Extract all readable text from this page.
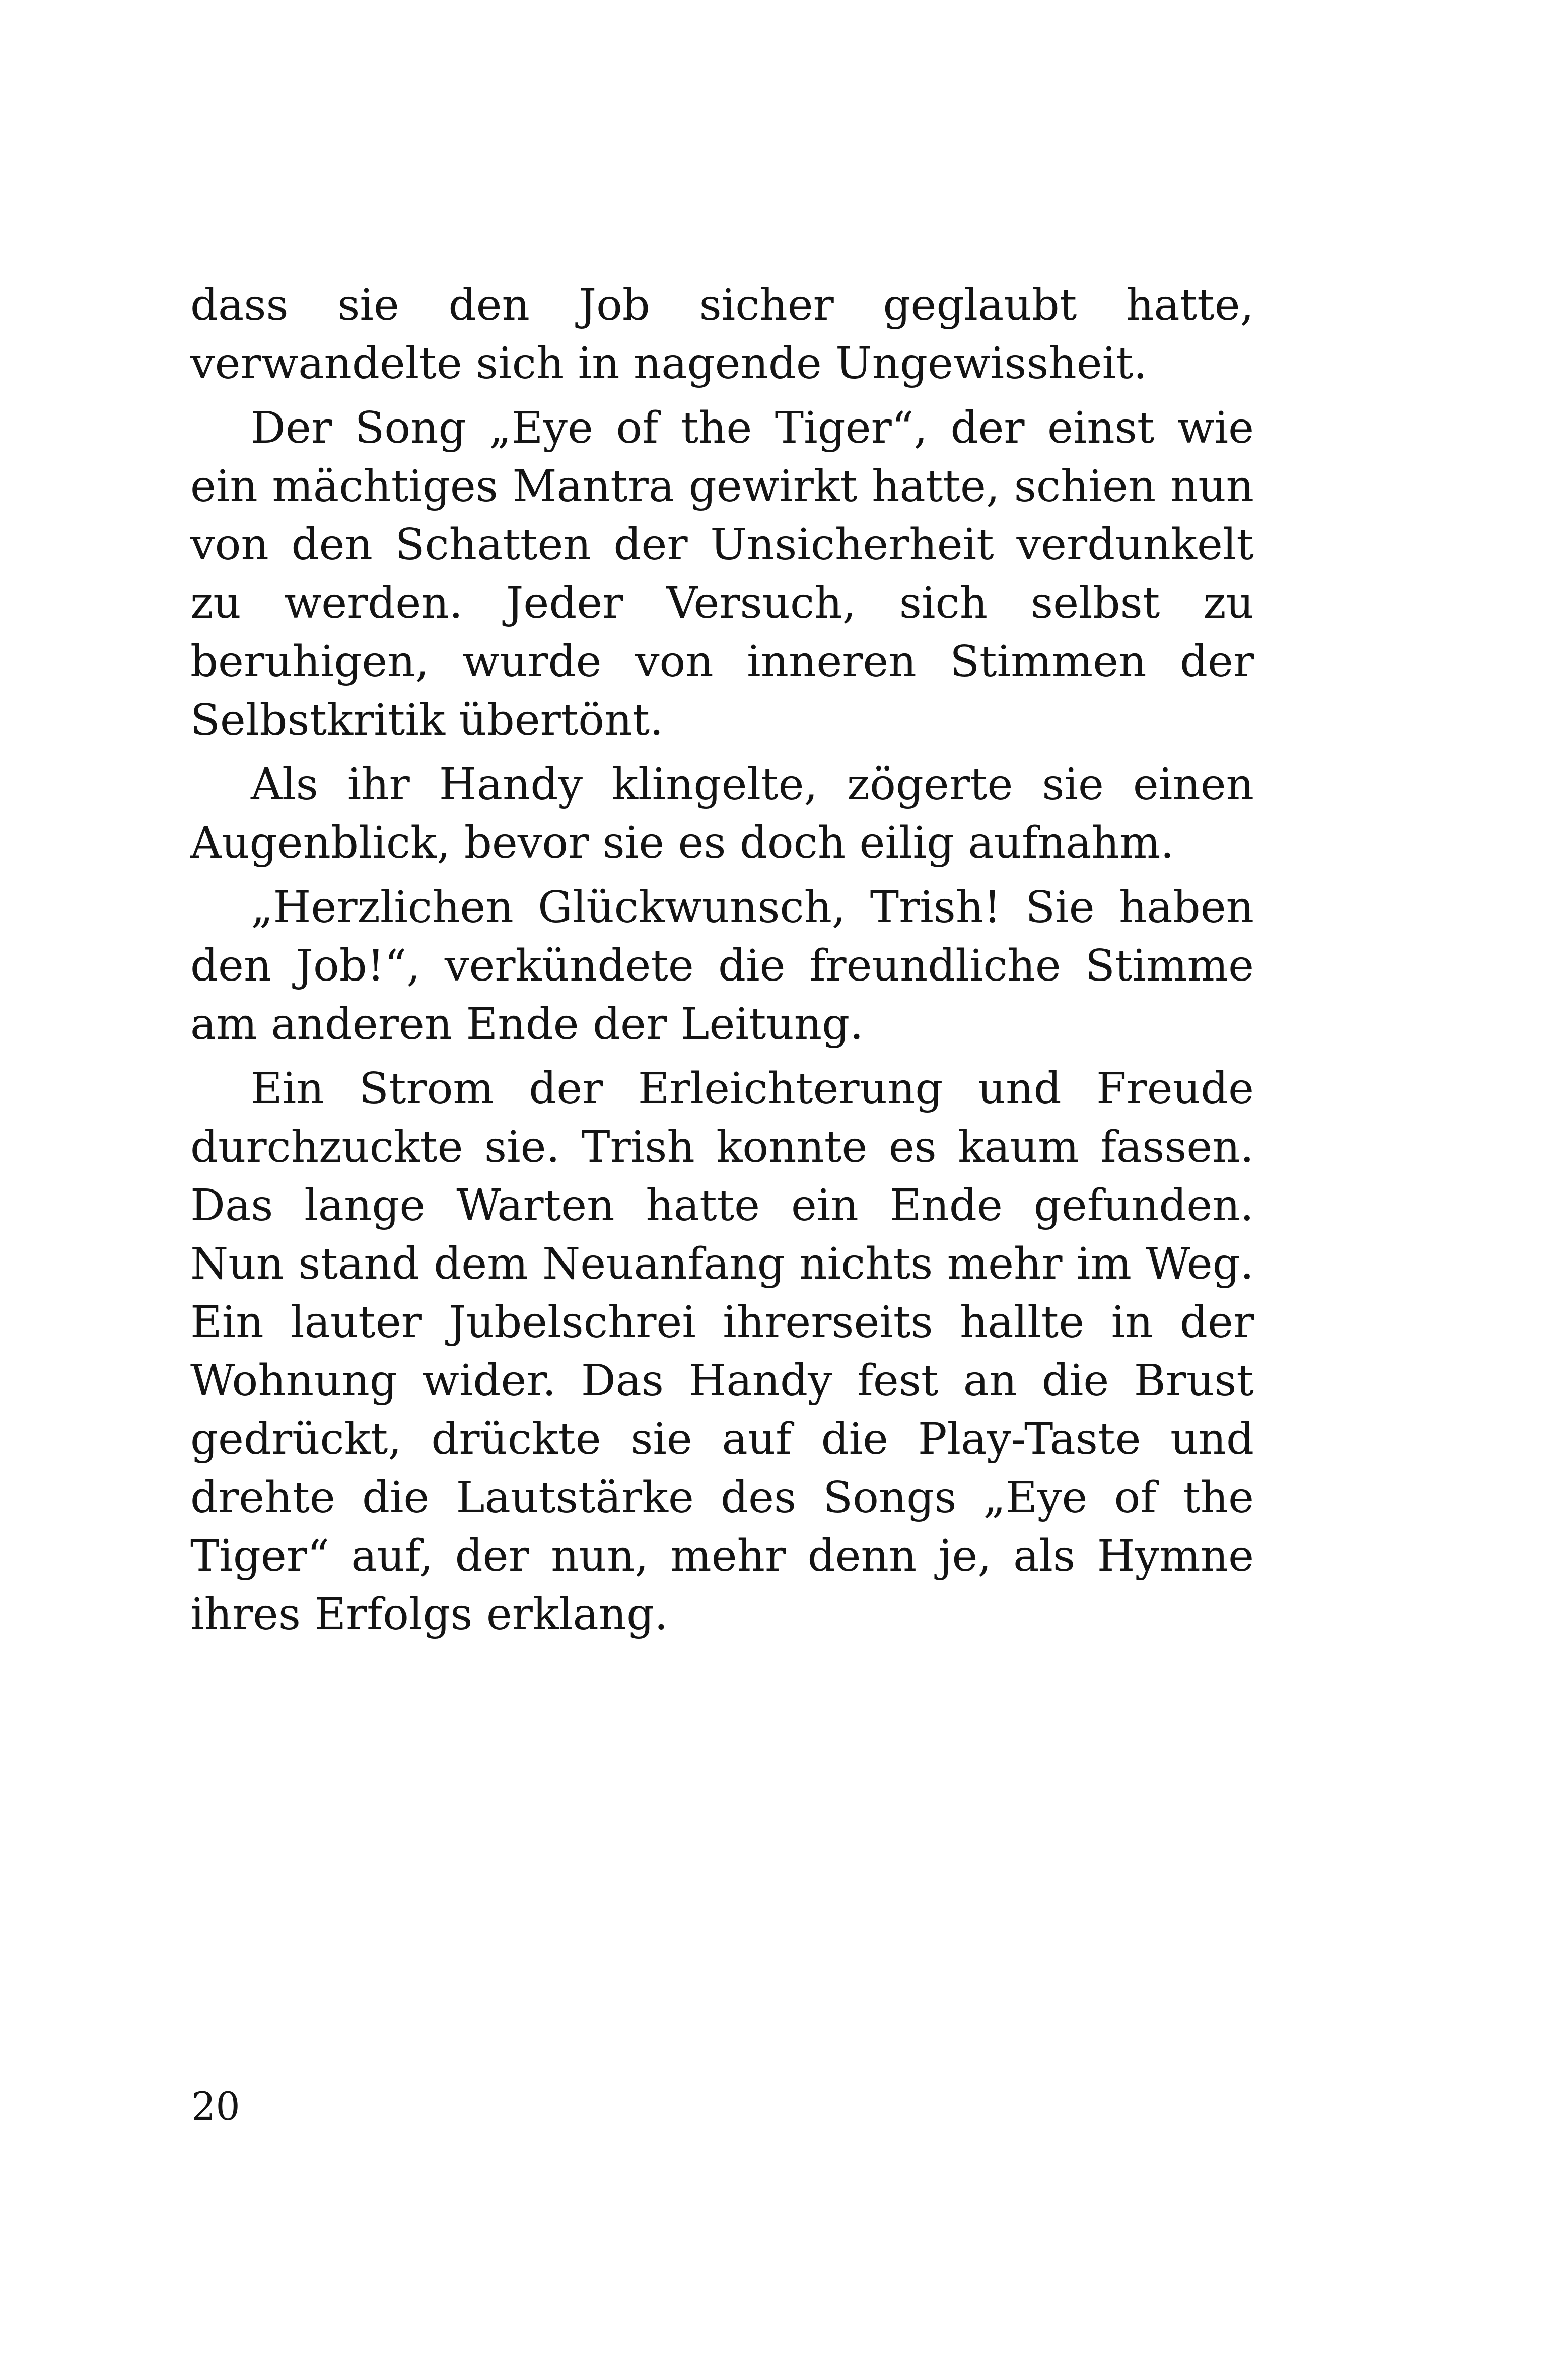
dass sie den Job sicher geglaubt hatte, verwandelte sich in nagende Ungewissheit.

Der Song „Eye of the Tiger“, der einst wie ein mächtiges Mantra gewirkt hatte, schien nun von den Schatten der Unsicherheit verdunkelt zu werden. Jeder Versuch, sich selbst zu beruhigen, wurde von inneren Stimmen der Selbstkritik übertönt.

Als ihr Handy klingelte, zögerte sie einen Augenblick, bevor sie es doch eilig aufnahm.

„Herzlichen Glückwunsch, Trish! Sie haben den Job!“, verkündete die freundliche Stimme am anderen Ende der Leitung.

Ein Strom der Erleichterung und Freude durchzuckte sie. Trish konnte es kaum fassen. Das lange Warten hatte ein Ende gefunden. Nun stand dem Neuanfang nichts mehr im Weg. Ein lauter Jubelschrei ihrerseits hallte in der Wohnung wider. Das Handy fest an die Brust gedrückt, drückte sie auf die Play-Taste und drehte die Lautstärke des Songs „Eye of the Tiger“ auf, der nun, mehr denn je, als Hymne ihres Erfolgs erklang.

20
